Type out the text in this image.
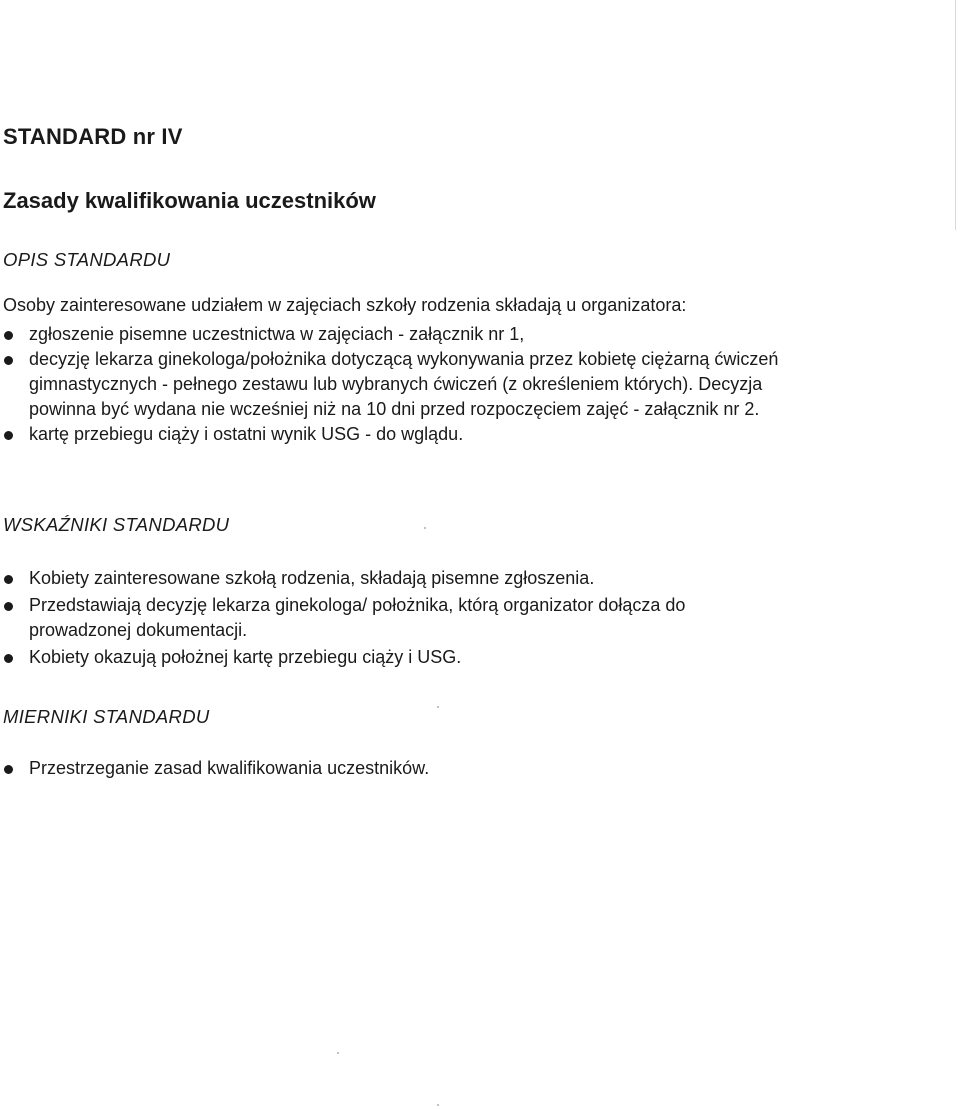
STANDARD nr IV
Zasady kwalifikowania uczestników
OPIS STANDARDU
Osoby zainteresowane udziałem w zajęciach szkoły rodzenia składają u organizatora:
zgłoszenie pisemne uczestnictwa w zajęciach - załącznik nr 1,
decyzję lekarza ginekologa/położnika dotyczącą wykonywania przez kobietę ciężarną ćwiczeń gimnastycznych - pełnego zestawu lub wybranych ćwiczeń (z określeniem których). Decyzja powinna być wydana nie wcześniej niż na 10 dni przed rozpoczęciem zajęć - załącznik nr 2.
kartę przebiegu ciąży i ostatni wynik USG - do wglądu.
WSKAŹNIKI STANDARDU
Kobiety zainteresowane szkołą rodzenia, składają pisemne zgłoszenia.
Przedstawiają decyzję lekarza ginekologa/ położnika, którą organizator dołącza do prowadzonej dokumentacji.
Kobiety okazują położnej kartę przebiegu ciąży i USG.
MIERNIKI STANDARDU
Przestrzeganie zasad kwalifikowania uczestników.
